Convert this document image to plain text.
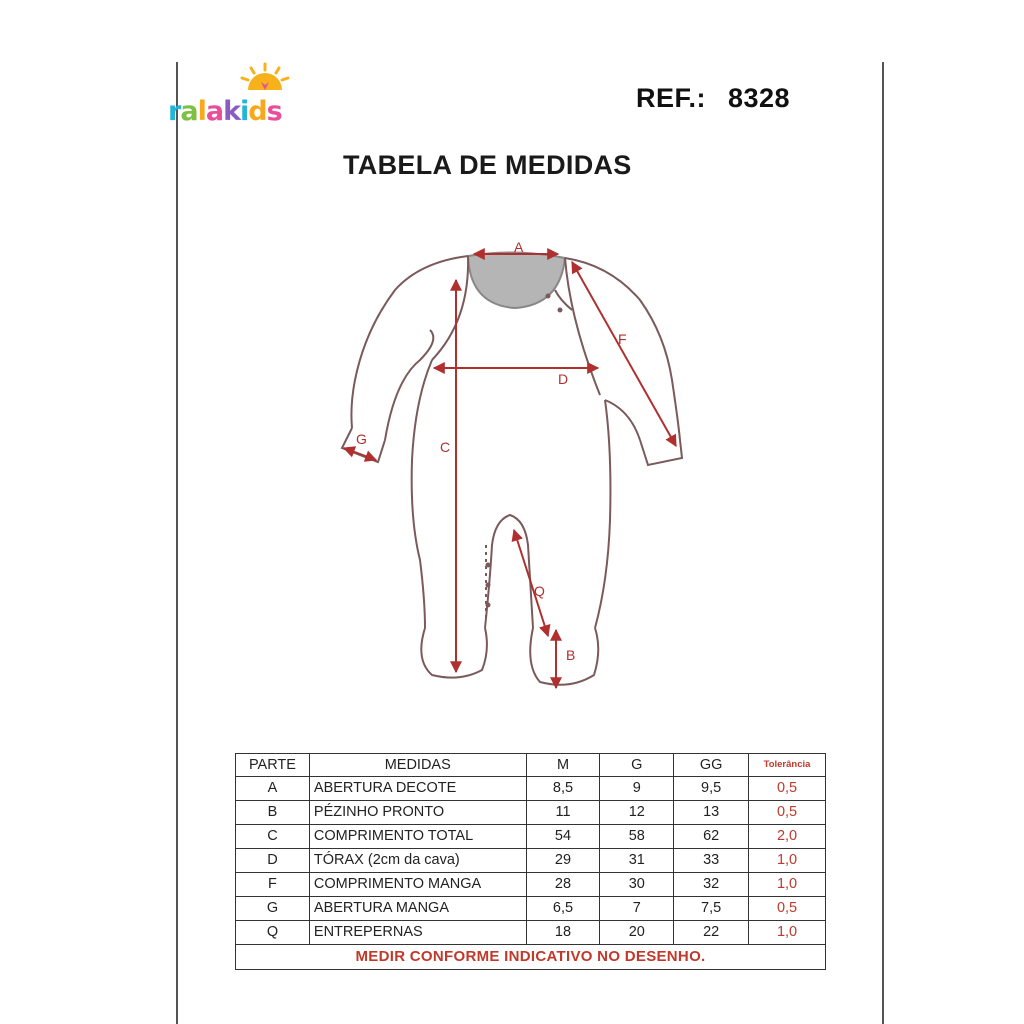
ralakids	REF.: 8328
TABELA DE MEDIDAS
A
D
C
F
G
Q
B
PARTE	MEDIDAS	M	G	GG	Tolerância
A	ABERTURA DECOTE	8,5	9	9,5	0,5
B	PÉZINHO PRONTO	11	12	13	0,5
C	COMPRIMENTO TOTAL	54	58	62	2,0
D	TÓRAX (2cm da cava)	29	31	33	1,0
F	COMPRIMENTO MANGA	28	30	32	1,0
G	ABERTURA MANGA	6,5	7	7,5	0,5
Q	ENTREPERNAS	18	20	22	1,0
MEDIR CONFORME INDICATIVO NO DESENHO.					
